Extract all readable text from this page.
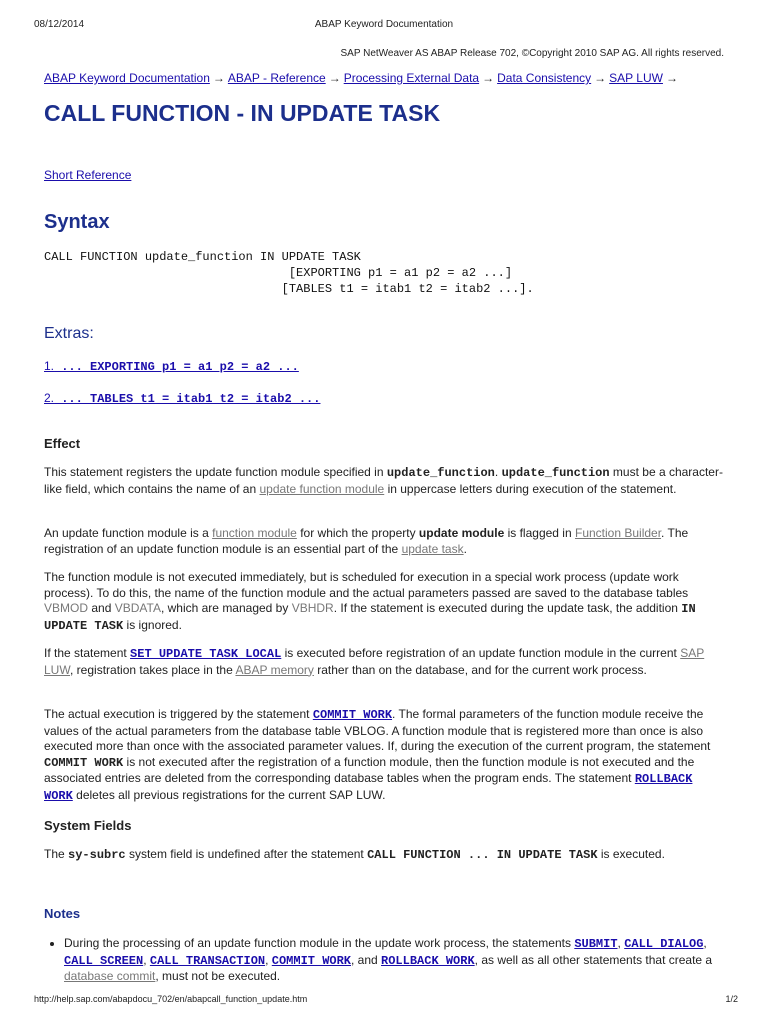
08/12/2014	ABAP Keyword Documentation
SAP NetWeaver AS ABAP Release 702, ©Copyright 2010 SAP AG. All rights reserved.
ABAP Keyword Documentation → ABAP - Reference → Processing External Data → Data Consistency → SAP LUW →
CALL FUNCTION - IN UPDATE TASK
Short Reference
Syntax
CALL FUNCTION update_function IN UPDATE TASK
[EXPORTING p1 = a1 p2 = a2 ...]
[TABLES t1 = itab1 t2 = itab2 ...].
Extras:
1. ... EXPORTING p1 = a1 p2 = a2 ...
2. ... TABLES t1 = itab1 t2 = itab2 ...
Effect

This statement registers the update function module specified in update_function. update_function must be a character-like field, which contains the name of an update function module in uppercase letters during execution of the statement.

An update function module is a function module for which the property update module is flagged in Function Builder. The registration of an update function module is an essential part of the update task.

The function module is not executed immediately, but is scheduled for execution in a special work process (update work process). To do this, the name of the function module and the actual parameters passed are saved to the database tables VBMOD and VBDATA, which are managed by VBHDR. If the statement is executed during the update task, the addition IN UPDATE TASK is ignored.

If the statement SET UPDATE TASK LOCAL is executed before registration of an update function module in the current SAP LUW, registration takes place in the ABAP memory rather than on the database, and for the current work process.

The actual execution is triggered by the statement COMMIT WORK. The formal parameters of the function module receive the values of the actual parameters from the database table VBLOG. A function module that is registered more than once is also executed more than once with the associated parameter values. If, during the execution of the current program, the statement COMMIT WORK is not executed after the registration of a function module, then the function module is not executed and the associated entries are deleted from the corresponding database tables when the program ends. The statement ROLLBACK WORK deletes all previous registrations for the current SAP LUW.

System Fields

The sy-subrc system field is undefined after the statement CALL FUNCTION ... IN UPDATE TASK is executed.

Notes
• During the processing of an update function module in the update work process, the statements SUBMIT, CALL DIALOG, CALL SCREEN, CALL TRANSACTION, COMMIT WORK, and ROLLBACK WORK, as well as all other statements that create a database commit, must not be executed.
http://help.sap.com/abapdocu_702/en/abapcall_function_update.htm	1/2
